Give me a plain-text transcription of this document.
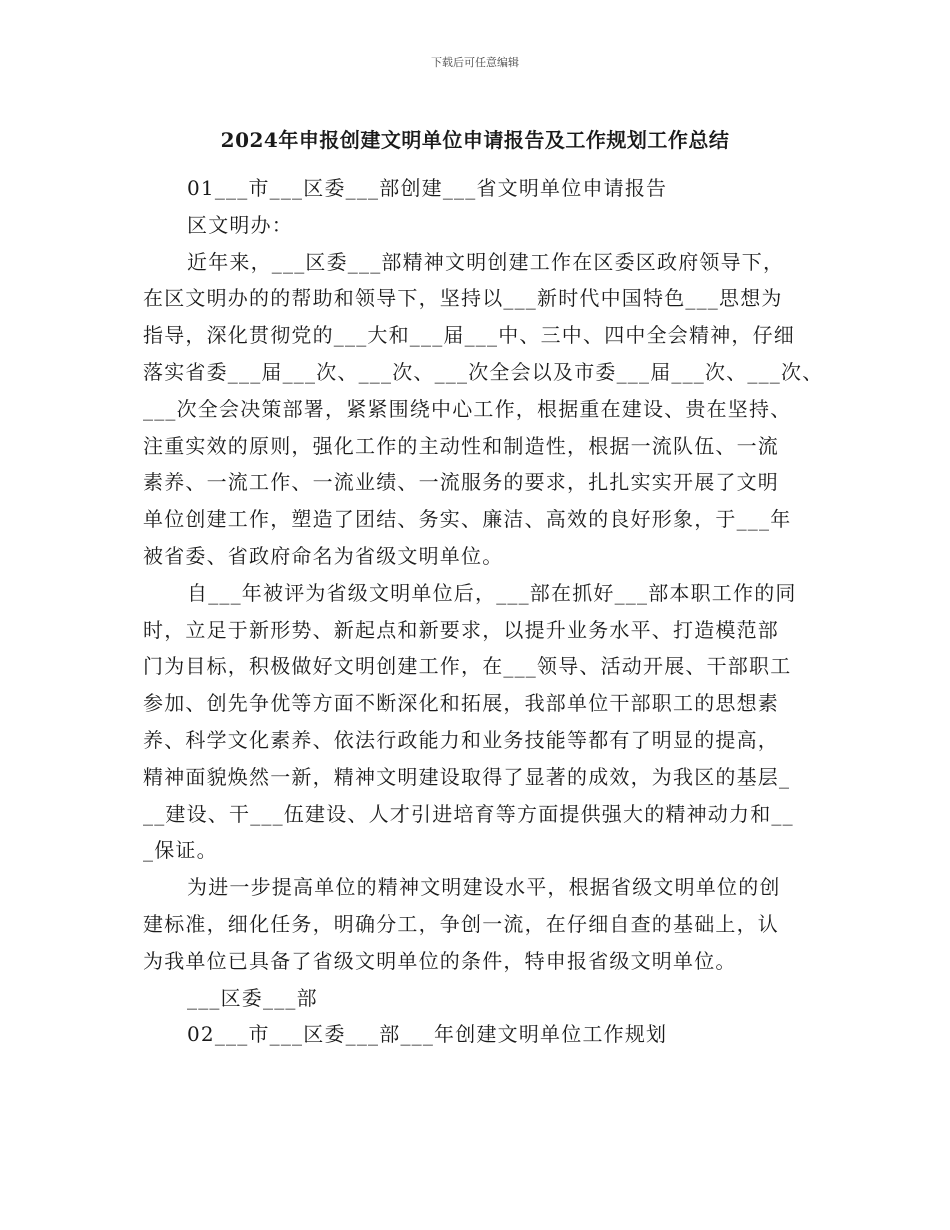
下载后可任意编辑
2024年申报创建文明单位申请报告及工作规划工作总结
01___市___区委___部创建___省文明单位申请报告
区文明办：
近年来，___区委___部精神文明创建工作在区委区政府领导下，
在区文明办的的帮助和领导下，坚持以___新时代中国特色___思想为
指导，深化贯彻党的___大和___届___中、三中、四中全会精神，仔细
落实省委___届___次、___次、___次全会以及市委___届___次、___次、
___次全会决策部署，紧紧围绕中心工作，根据重在建设、贵在坚持、
注重实效的原则，强化工作的主动性和制造性，根据一流队伍、一流
素养、一流工作、一流业绩、一流服务的要求，扎扎实实开展了文明
单位创建工作，塑造了团结、务实、廉洁、高效的良好形象，于___年
被省委、省政府命名为省级文明单位。
自___年被评为省级文明单位后，___部在抓好___部本职工作的同
时，立足于新形势、新起点和新要求，以提升业务水平、打造模范部
门为目标，积极做好文明创建工作，在___领导、活动开展、干部职工
参加、创先争优等方面不断深化和拓展，我部单位干部职工的思想素
养、科学文化素养、依法行政能力和业务技能等都有了明显的提高，
精神面貌焕然一新，精神文明建设取得了显著的成效，为我区的基层_
__建设、干___伍建设、人才引进培育等方面提供强大的精神动力和__
_保证。
为进一步提高单位的精神文明建设水平，根据省级文明单位的创
建标准，细化任务，明确分工，争创一流，在仔细自查的基础上，认
为我单位已具备了省级文明单位的条件，特申报省级文明单位。
___区委___部
02___市___区委___部___年创建文明单位工作规划
